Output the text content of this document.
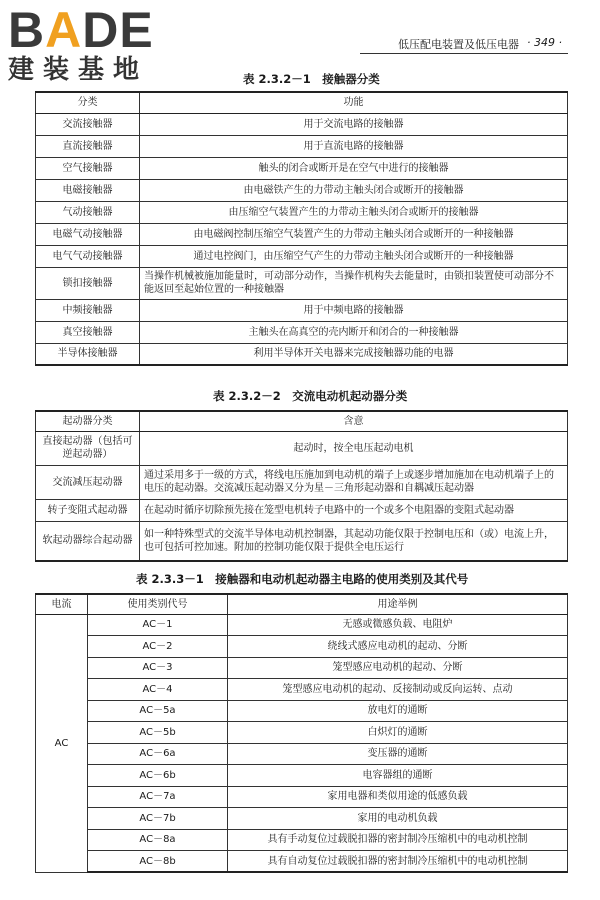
BADE
建装基地
低压配电装置及低压电器 · 349 ·
表 2.3.2－1　接触器分类
分类	功能
交流接触器	用于交流电路的接触器
直流接触器	用于直流电路的接触器
空气接触器	触头的闭合或断开是在空气中进行的接触器
电磁接触器	由电磁铁产生的力带动主触头闭合或断开的接触器
气动接触器	由压缩空气装置产生的力带动主触头闭合或断开的接触器
电磁气动接触器	由电磁阀控制压缩空气装置产生的力带动主触头闭合或断开的一种接触器
电气气动接触器	通过电控阀门，由压缩空气产生的力带动主触头闭合或断开的一种接触器
锁扣接触器	当操作机械被施加能量时，可动部分动作，当操作机构失去能量时，由锁扣装置使可动部分不能返回至起始位置的一种接触器
中频接触器	用于中频电路的接触器
真空接触器	主触头在高真空的壳内断开和闭合的一种接触器
半导体接触器	利用半导体开关电器来完成接触器功能的电器
表 2.3.2－2　交流电动机起动器分类
起动器分类	含意
直接起动器（包括可逆起动器）	起动时，按全电压起动电机
交流减压起动器	通过采用多于一级的方式，将线电压施加到电动机的端子上或逐步增加施加在电动机端子上的电压的起动器。交流减压起动器又分为星－三角形起动器和自耦减压起动器
转子变阻式起动器	在起动时循序切除预先接在笼型电机转子电路中的一个或多个电阻器的变阻式起动器
软起动器综合起动器	如一种特殊型式的交流半导体电动机控制器，其起动功能仅限于控制电压和（或）电流上升，也可包括可控加速。附加的控制功能仅限于提供全电压运行
表 2.3.3－1　接触器和电动机起动器主电路的使用类别及其代号
电流	使用类别代号	用途举例
AC	AC－1	无感或微感负载、电阻炉
	AC－2	绕线式感应电动机的起动、分断
	AC－3	笼型感应电动机的起动、分断
	AC－4	笼型感应电动机的起动、反接制动或反向运转、点动
	AC－5a	放电灯的通断
	AC－5b	白炽灯的通断
	AC－6a	变压器的通断
	AC－6b	电容器组的通断
	AC－7a	家用电器和类似用途的低感负载
	AC－7b	家用的电动机负载
	AC－8a	具有手动复位过载脱扣器的密封制冷压缩机中的电动机控制
	AC－8b	具有自动复位过载脱扣器的密封制冷压缩机中的电动机控制
